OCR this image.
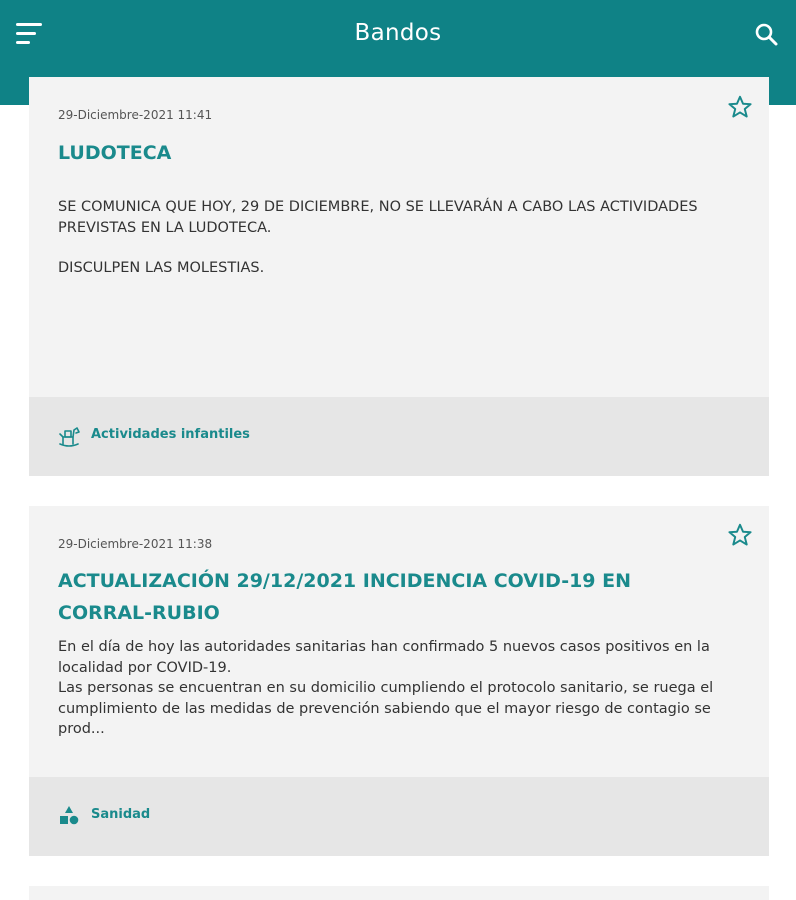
Bandos
29-Diciembre-2021 11:41
LUDOTECA

SE COMUNICA QUE HOY, 29 DE DICIEMBRE, NO SE LLEVARÁN A CABO LAS ACTIVIDADES PREVISTAS EN LA LUDOTECA.

DISCULPEN LAS MOLESTIAS.

Actividades infantiles
29-Diciembre-2021 11:38
ACTUALIZACIÓN 29/12/2021 INCIDENCIA COVID-19 EN CORRAL-RUBIO

En el día de hoy las autoridades sanitarias han confirmado 5 nuevos casos positivos en la localidad por COVID-19.

Las personas se encuentran en su domicilio cumpliendo el protocolo sanitario, se ruega el cumplimiento de las medidas de prevención sabiendo que el mayor riesgo de contagio se prod...

Sanidad
